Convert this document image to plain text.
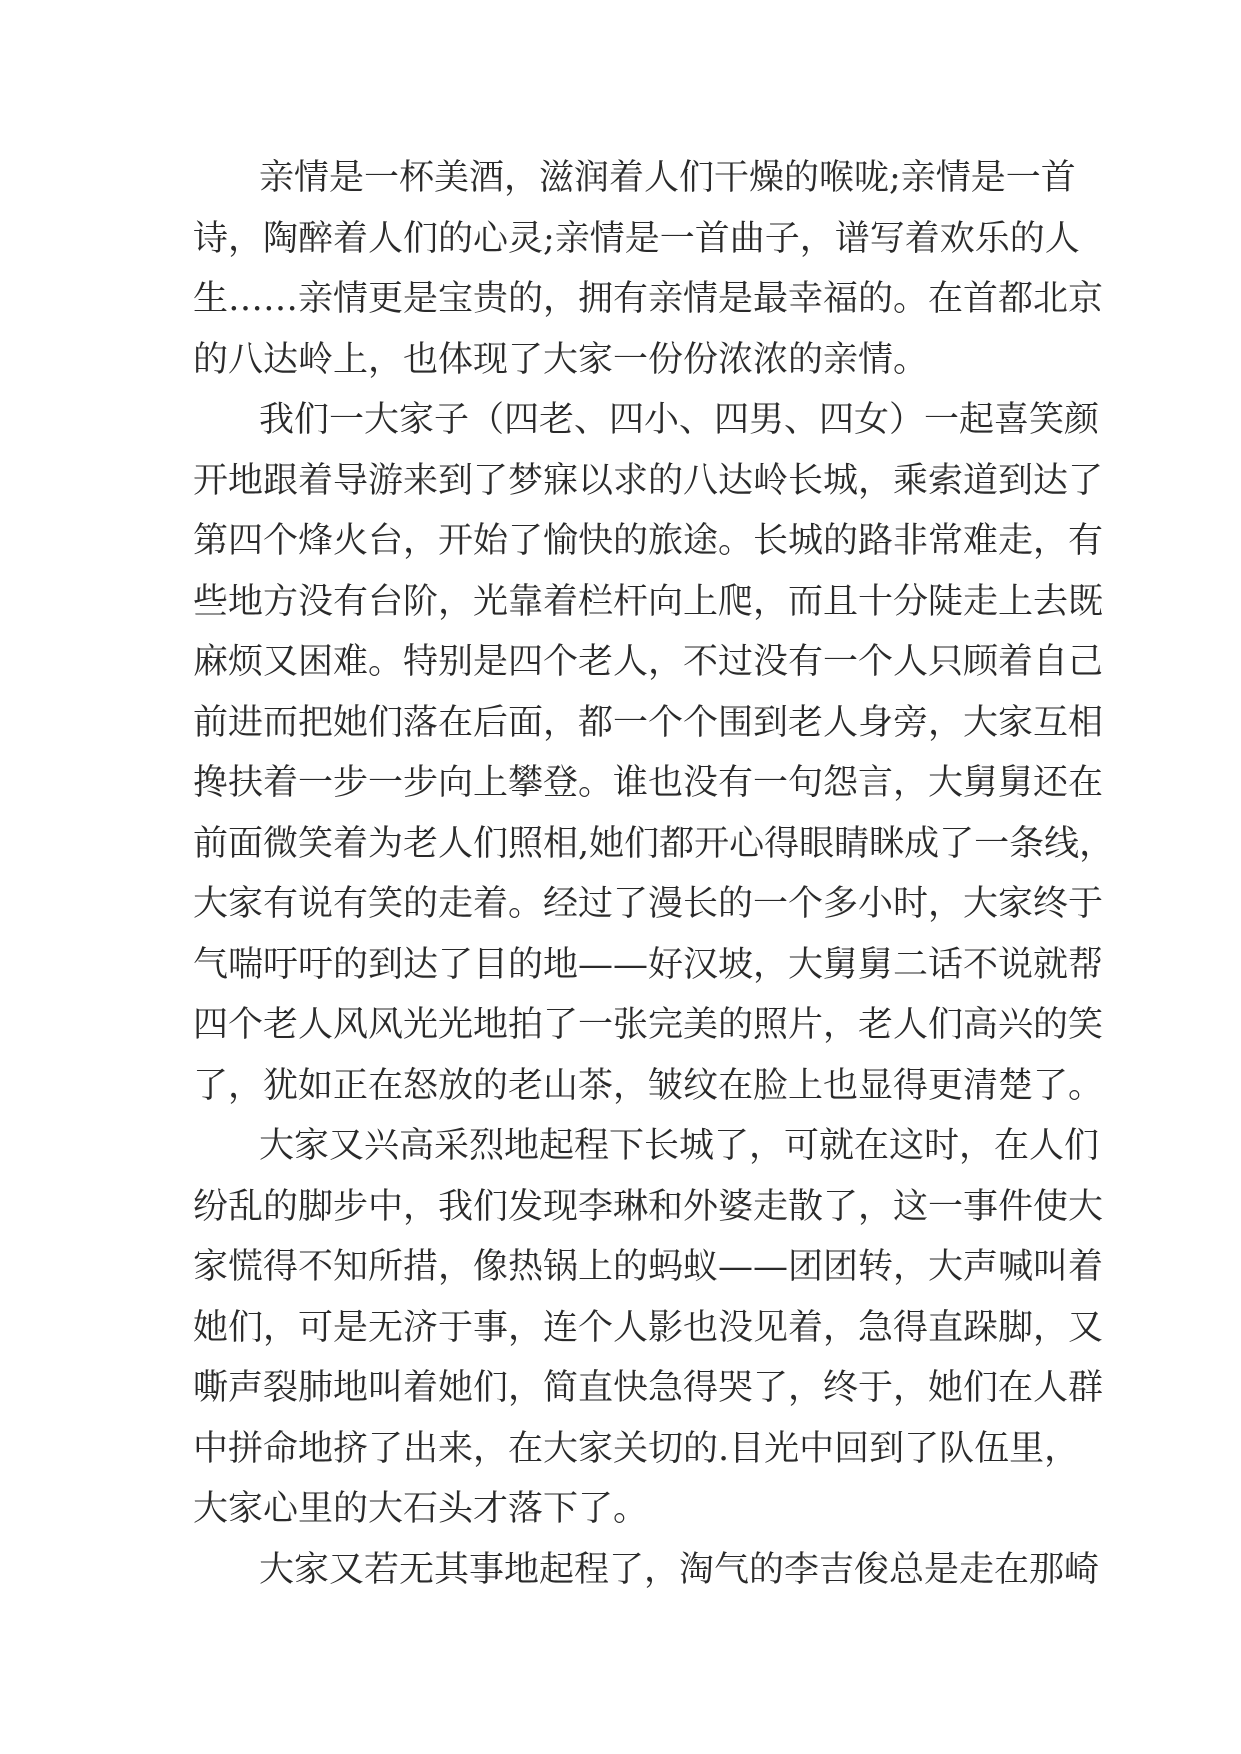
亲情是一杯美酒，滋润着人们干燥的喉咙;亲情是一首
诗，陶醉着人们的心灵;亲情是一首曲子，谱写着欢乐的人
生……亲情更是宝贵的，拥有亲情是最幸福的。在首都北京
的八达岭上，也体现了大家一份份浓浓的亲情。
我们一大家子（四老、四小、四男、四女）一起喜笑颜
开地跟着导游来到了梦寐以求的八达岭长城，乘索道到达了
第四个烽火台，开始了愉快的旅途。长城的路非常难走，有
些地方没有台阶，光靠着栏杆向上爬，而且十分陡走上去既
麻烦又困难。特别是四个老人，不过没有一个人只顾着自己
前进而把她们落在后面，都一个个围到老人身旁，大家互相
搀扶着一步一步向上攀登。谁也没有一句怨言，大舅舅还在
前面微笑着为老人们照相,她们都开心得眼睛眯成了一条线，
大家有说有笑的走着。经过了漫长的一个多小时，大家终于
气喘吁吁的到达了目的地——好汉坡，大舅舅二话不说就帮
四个老人风风光光地拍了一张完美的照片，老人们高兴的笑
了，犹如正在怒放的老山茶，皱纹在脸上也显得更清楚了。
大家又兴高采烈地起程下长城了，可就在这时，在人们
纷乱的脚步中，我们发现李琳和外婆走散了，这一事件使大
家慌得不知所措，像热锅上的蚂蚁——团团转，大声喊叫着
她们，可是无济于事，连个人影也没见着，急得直跺脚，又
嘶声裂肺地叫着她们，简直快急得哭了，终于，她们在人群
中拼命地挤了出来，在大家关切的.目光中回到了队伍里，
大家心里的大石头才落下了。
大家又若无其事地起程了，淘气的李吉俊总是走在那崎
